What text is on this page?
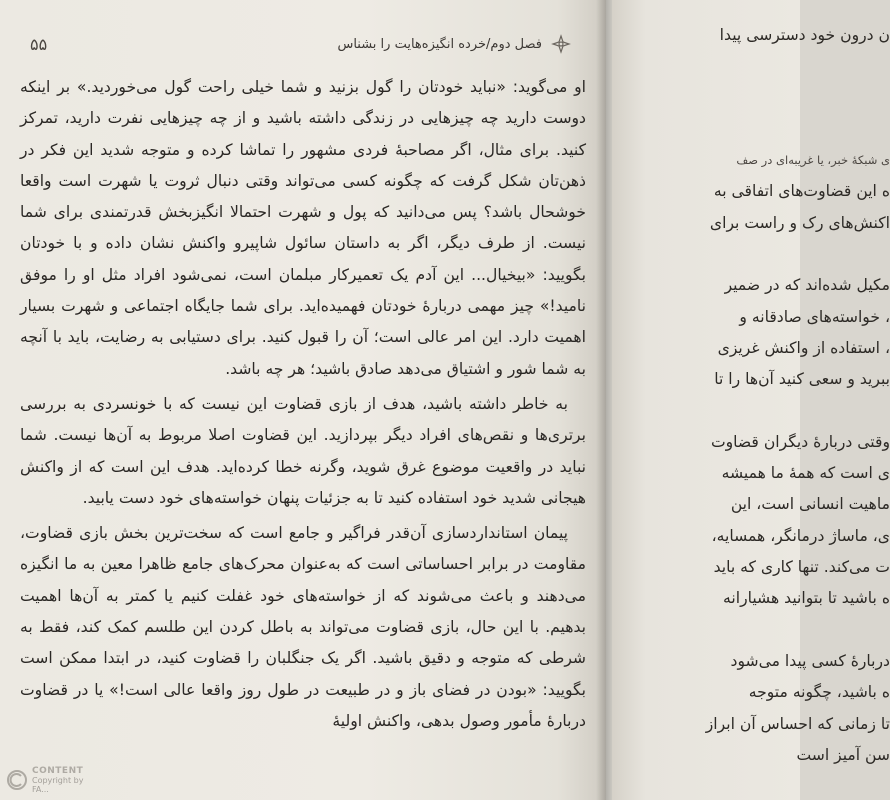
۵۵	فصل دوم/خرده انگیزه‌هایت را بشناس

او می‌گوید: «نباید خودتان را گول بزنید و شما خیلی راحت گول می‌خوردید.» بر اینکه دوست دارید چه چیزهایی در زندگی داشته باشید و از چه چیزهایی نفرت دارید، تمرکز کنید. برای مثال، اگر مصاحبهٔ فردی مشهور را تماشا کرده و متوجه شدید این فکر در ذهن‌تان شکل گرفت که چگونه کسی می‌تواند وقتی دنبال ثروت یا شهرت است واقعا خوشحال باشد؟ پس می‌دانید که پول و شهرت احتمالا انگیزبخش قدرتمندی برای شما نیست. از طرف دیگر، اگر به داستان سائول شاپیرو واکنش نشان داده و با خودتان بگویید: «بیخیال... این آدم یک تعمیرکار مبلمان است، نمی‌شود افراد مثل او را موفق نامید!» چیز مهمی دربارهٔ خودتان فهمیده‌اید. برای شما جایگاه اجتماعی و شهرت بسیار اهمیت دارد. این امر عالی است؛ آن را قبول کنید. برای دستیابی به رضایت، باید با آنچه به شما شور و اشتیاق می‌دهد صادق باشید؛ هر چه باشد.

به خاطر داشته باشید، هدف از بازی قضاوت این نیست که با خونسردی به بررسی برتری‌ها و نقص‌های افراد دیگر بپردازید. این قضاوت اصلا مربوط به آن‌ها نیست. شما نباید در واقعیت موضوع غرق شوید، وگرنه خطا کرده‌اید. هدف این است که از واکنش هیجانی شدید خود استفاده کنید تا به جزئیات پنهان خواسته‌های خود دست یابید.

پیمان استانداردسازی آن‌قدر فراگیر و جامع است که سخت‌ترین بخش بازی قضاوت، مقاومت در برابر احساساتی است که به‌عنوان محرک‌های جامع ظاهرا معین به ما انگیزه می‌دهند و باعث می‌شوند که از خواسته‌های خود غفلت کنیم یا کمتر به آن‌ها اهمیت بدهیم. با این حال، بازی قضاوت می‌تواند به باطل کردن این طلسم کمک کند، فقط به شرطی که متوجه و دقیق باشید. اگر یک جنگلبان را قضاوت کنید، در ابتدا ممکن است بگویید: «بودن در فضای باز و در طبیعت در طول روز واقعا عالی است!» یا در قضاوت دربارهٔ مأمور وصول بدهی، واکنش اولیهٔ

CONTENT
Copyright by
FA...
ن درون خود دسترسی پیدا
ی شبکهٔ خبر، یا غریبه‌ای در صف
ه این قضاوت‌های اتفاقی به
اکنش‌های رک و راست برای
مکیل شده‌اند که در ضمیر
، خواسته‌های صادقانه و
، استفاده از واکنش غریزی
ببرید و سعی کنید آن‌ها را تا
وقتی دربارهٔ دیگران قضاوت
ی است که همهٔ ما همیشه
ماهیت انسانی است، این
ی، ماساژ درمانگر، همسایه،
ت می‌کند. تنها کاری که باید
ه باشید تا بتوانید هشیارانه
دربارهٔ کسی پیدا می‌شود
ه باشید، چگونه متوجه
تا زمانی که احساس آن ابراز
سن آمیز است
